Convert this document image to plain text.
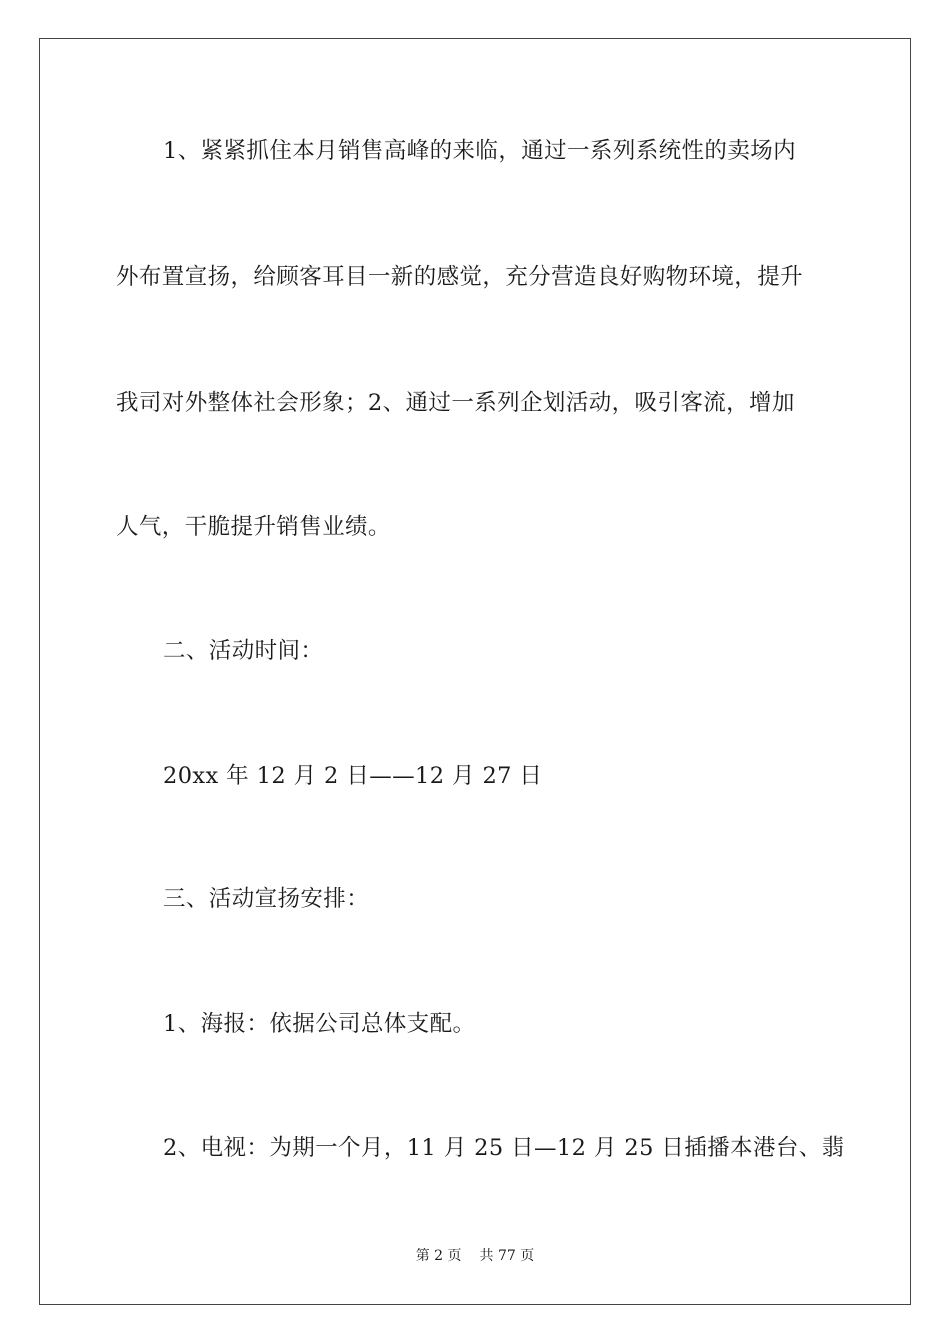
1、紧紧抓住本月销售高峰的来临，通过一系列系统性的卖场内
外布置宣扬，给顾客耳目一新的感觉，充分营造良好购物环境，提升
我司对外整体社会形象；2、通过一系列企划活动，吸引客流，增加
人气，干脆提升销售业绩。
二、活动时间：
20xx 年 12 月 2 日——12 月 27 日
三、活动宣扬安排：
1、海报：依据公司总体支配。
2、电视：为期一个月，11 月 25 日—12 月 25 日插播本港台、翡
第 2 页 共 77 页
